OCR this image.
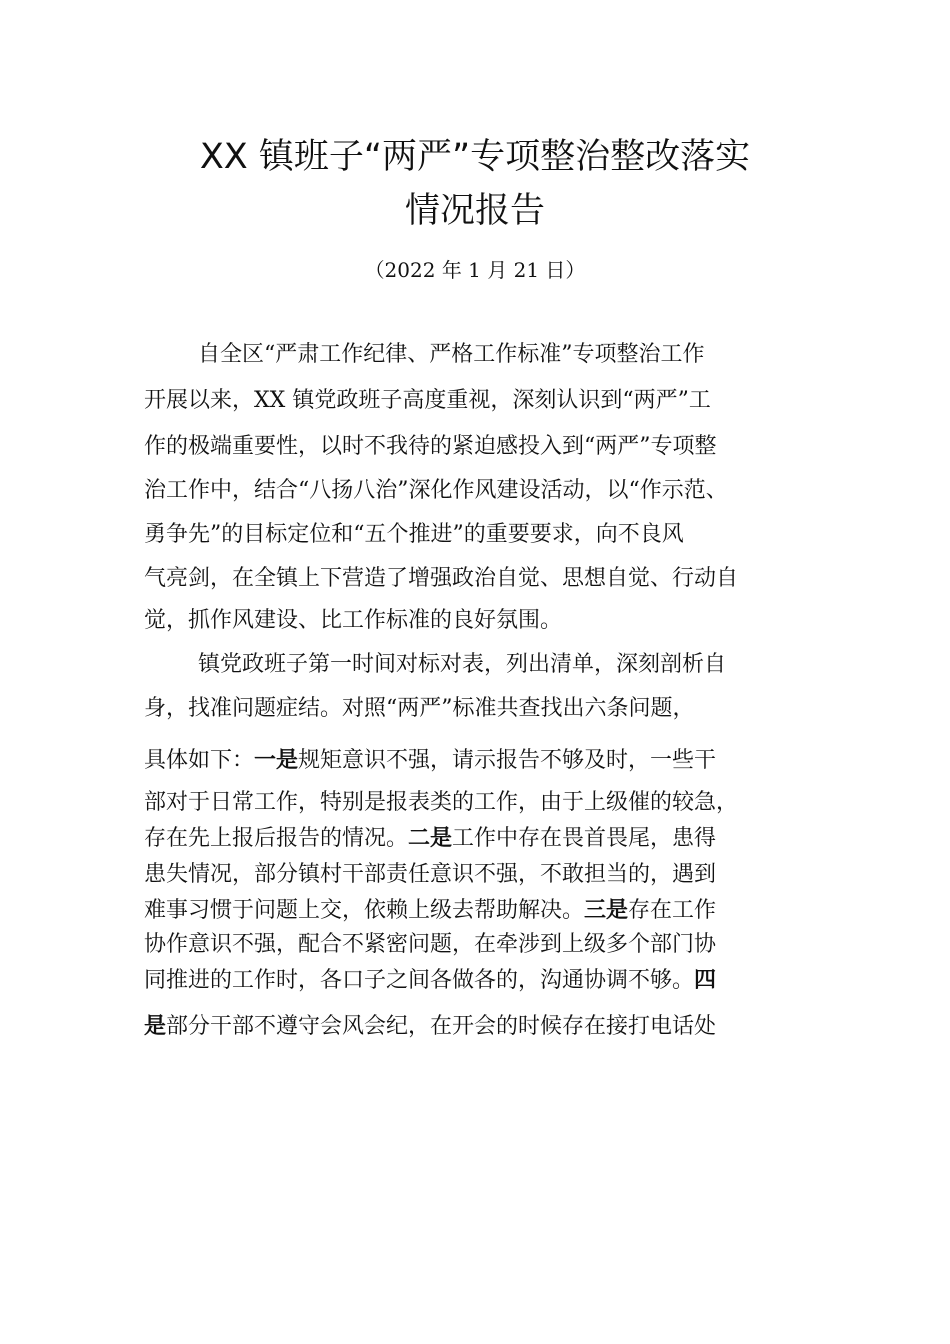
XX 镇班子“两严”专项整治整改落实
情况报告
（2022 年 1 月 21 日）
自全区“严肃工作纪律、严格工作标准”专项整治工作
开展以来，XX 镇党政班子高度重视，深刻认识到“两严”工
作的极端重要性，以时不我待的紧迫感投入到“两严”专项整
治工作中，结合“八扬八治”深化作风建设活动，以“作示范、
勇争先”的目标定位和“五个推进”的重要要求，向不良风
气亮剑，在全镇上下营造了增强政治自觉、思想自觉、行动自
觉，抓作风建设、比工作标准的良好氛围。
镇党政班子第一时间对标对表，列出清单，深刻剖析自
身，找准问题症结。对照“两严”标准共查找出六条问题，
具体如下：一是规矩意识不强，请示报告不够及时，一些干
部对于日常工作，特别是报表类的工作，由于上级催的较急，
存在先上报后报告的情况。二是工作中存在畏首畏尾，患得
患失情况，部分镇村干部责任意识不强，不敢担当的，遇到
难事习惯于问题上交，依赖上级去帮助解决。三是存在工作
协作意识不强，配合不紧密问题，在牵涉到上级多个部门协
同推进的工作时，各口子之间各做各的，沟通协调不够。四
是部分干部不遵守会风会纪，在开会的时候存在接打电话处
